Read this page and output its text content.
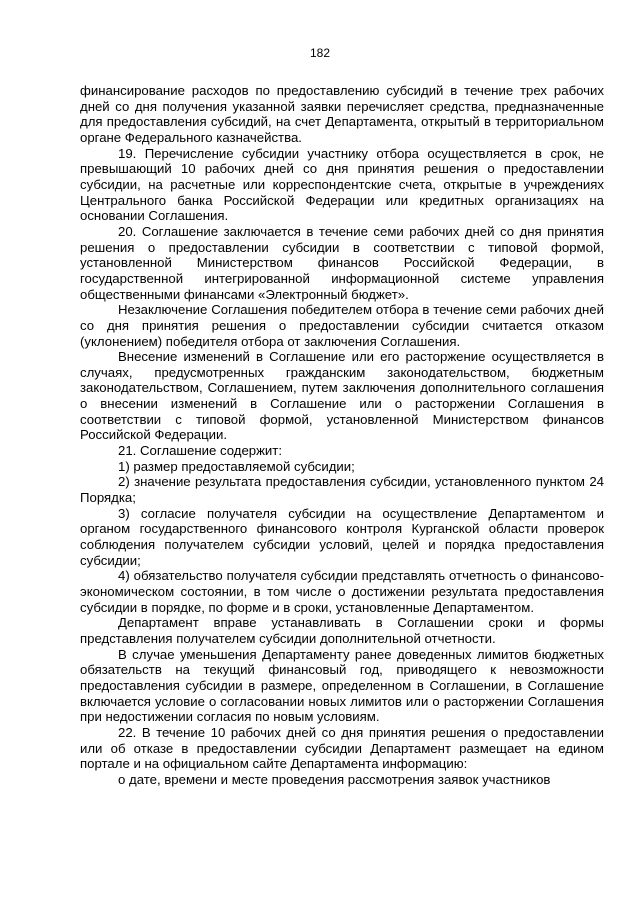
182

финансирование расходов по предоставлению субсидий в течение трех рабочих дней со дня получения указанной заявки перечисляет средства, предназначенные для предоставления субсидий, на счет Департамента, открытый в территориальном органе Федерального казначейства.

19. Перечисление субсидии участнику отбора осуществляется в срок, не превышающий 10 рабочих дней со дня принятия решения о предоставлении субсидии, на расчетные или корреспондентские счета, открытые в учреждениях Центрального банка Российской Федерации или кредитных организациях на основании Соглашения.

20. Соглашение заключается в течение семи рабочих дней со дня принятия решения о предоставлении субсидии в соответствии с типовой формой, установленной Министерством финансов Российской Федерации, в государственной интегрированной информационной системе управления общественными финансами «Электронный бюджет».

Незаключение Соглашения победителем отбора в течение семи рабочих дней со дня принятия решения о предоставлении субсидии считается отказом (уклонением) победителя отбора от заключения Соглашения.

Внесение изменений в Соглашение или его расторжение осуществляется в случаях, предусмотренных гражданским законодательством, бюджетным законодательством, Соглашением, путем заключения дополнительного соглашения о внесении изменений в Соглашение или о расторжении Соглашения в соответствии с типовой формой, установленной Министерством финансов Российской Федерации.

21. Соглашение содержит:

1) размер предоставляемой субсидии;

2) значение результата предоставления субсидии, установленного пунктом 24 Порядка;

3) согласие получателя субсидии на осуществление Департаментом и органом государственного финансового контроля Курганской области проверок соблюдения получателем субсидии условий, целей и порядка предоставления субсидии;

4) обязательство получателя субсидии представлять отчетность о финансово-экономическом состоянии, в том числе о достижении результата предоставления субсидии в порядке, по форме и в сроки, установленные Департаментом.

Департамент вправе устанавливать в Соглашении сроки и формы представления получателем субсидии дополнительной отчетности.

В случае уменьшения Департаменту ранее доведенных лимитов бюджетных обязательств на текущий финансовый год, приводящего к невозможности предоставления субсидии в размере, определенном в Соглашении, в Соглашение включается условие о согласовании новых лимитов или о расторжении Соглашения при недостижении согласия по новым условиям.

22. В течение 10 рабочих дней со дня принятия решения о предоставлении или об отказе в предоставлении субсидии Департамент размещает на едином портале и на официальном сайте Департамента информацию:

о дате, времени и месте проведения рассмотрения заявок участников
